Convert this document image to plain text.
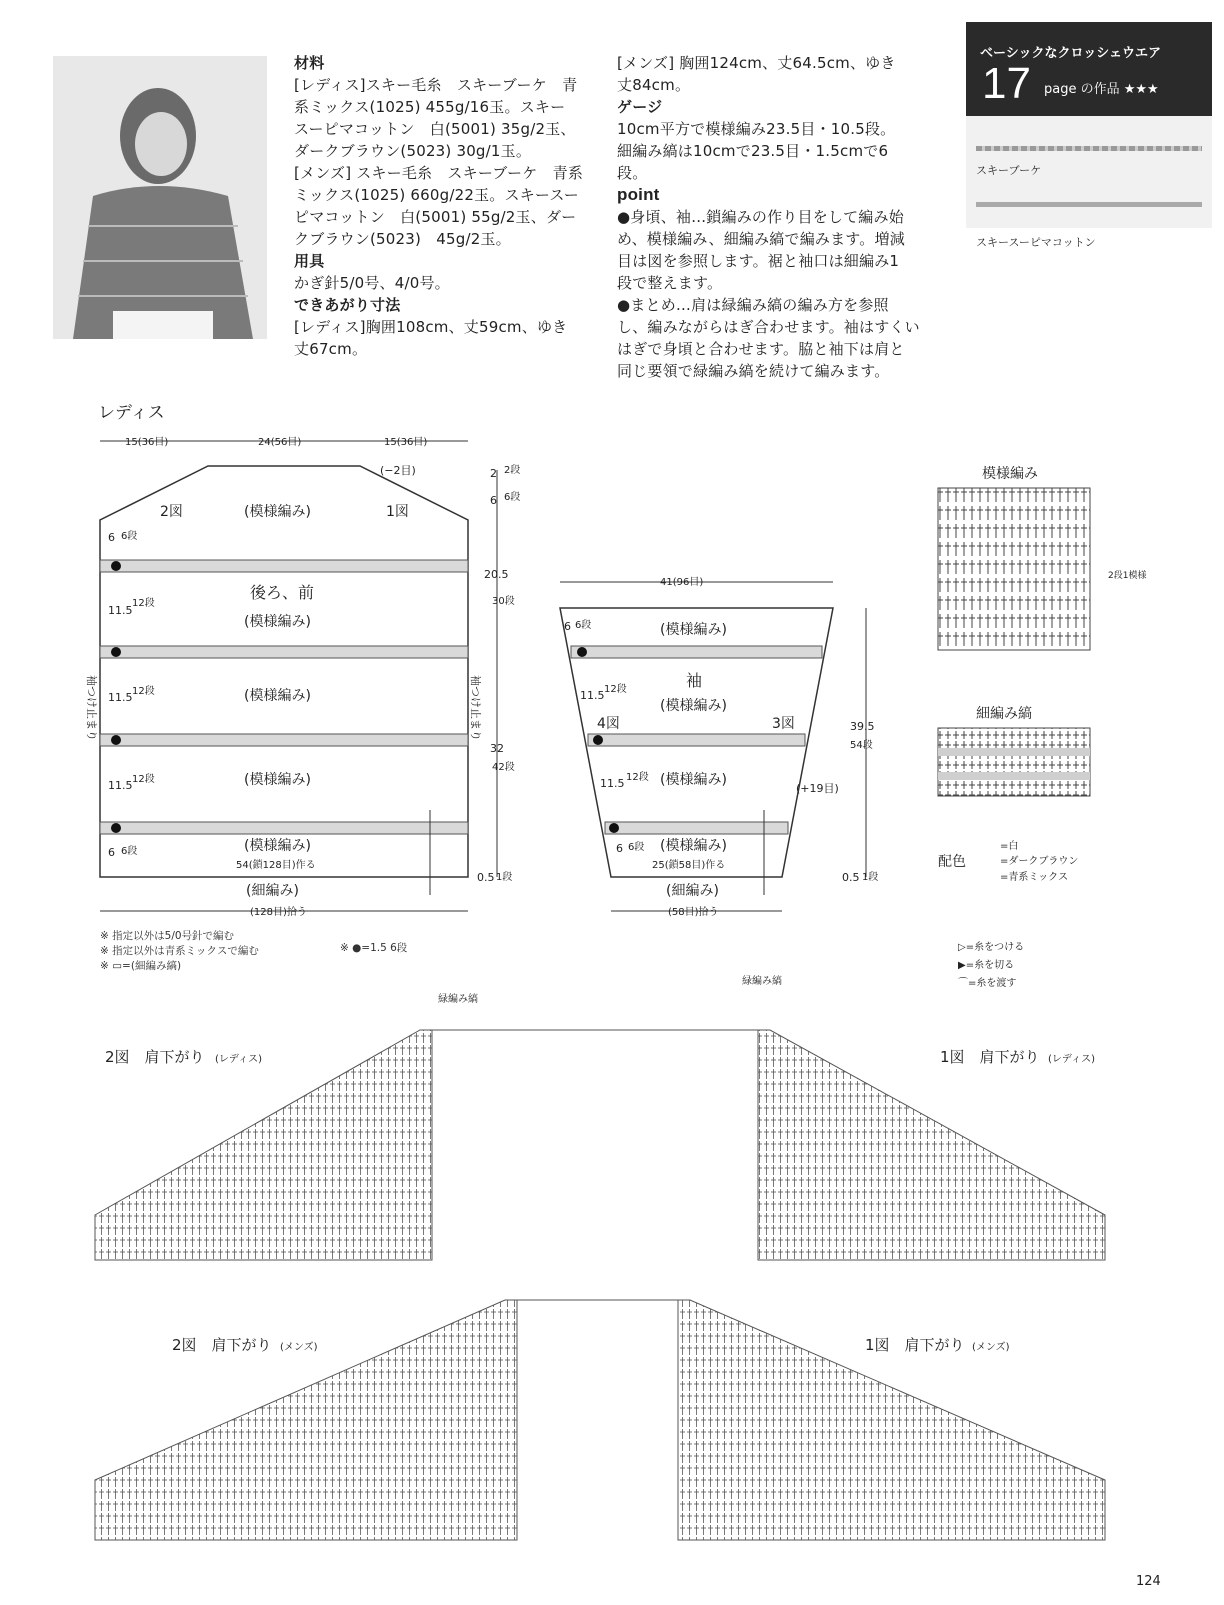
材料
[レディス]スキー毛糸　スキーブーケ　青
系ミックス(1025) 455g/16玉。スキー
スーピマコットン　白(5001) 35g/2玉、
ダークブラウン(5023) 30g/1玉。
[メンズ] スキー毛糸　スキーブーケ　青系
ミックス(1025) 660g/22玉。スキースー
ピマコットン　白(5001) 55g/2玉、ダー
クブラウン(5023)　45g/2玉。
用具
かぎ針5/0号、4/0号。
できあがり寸法
[レディス]胸囲108cm、丈59cm、ゆき
丈67cm。
[メンズ] 胸囲124cm、丈64.5cm、ゆき
丈84cm。
ゲージ
10cm平方で模様編み23.5目・10.5段。
細編み縞は10cmで23.5目・1.5cmで6
段。
point
●身頃、袖…鎖編みの作り目をして編み始
め、模様編み、細編み縞で編みます。増減
目は図を参照します。裾と袖口は細編み1
段で整えます。
●まとめ…肩は緑編み縞の編み方を参照
し、編みながらはぎ合わせます。袖はすくい
はぎで身頃と合わせます。脇と袖下は肩と
同じ要領で緑編み縞を続けて編みます。
ベーシックなクロッシェウエア
17 page の作品 ★★★
スキーブーケ
スキースーピマコットン
レディス
15(36目)	24(56目)	15(36目)
(−2目)
2図	1図
(模様編み)
後ろ、前
(模様編み)
(模様編み)
(模様編み)
(模様編み)
54(鎖128目)作る
(細編み)
(128目)拾う
41(96目)
(模様編み)
袖
(模様編み)
4図	3図
(模様編み)
(+19目)
(模様編み)
25(鎖58目)作る
(細編み)
(58目)拾う
20.5
32
39.5
0.5	0.5
11.5
11.5
11.5
6
6
11.5
11.5
6
6
2
6
30段
42段
54段
12段
12段
12段
6段
6段
12段
12段
6段
6段
2段
6段
1段	1段
袖つけ止まり	袖つけ止まり
模様編み
2段1模様
細編み縞
配色
=白
=ダークブラウン
=青系ミックス
▷=糸をつける
▶=糸を切る
⌒=糸を渡す
2図　肩下がり (レディス)	1図　肩下がり (レディス)
2図　肩下がり (メンズ)	1図　肩下がり (メンズ)
緑編み縞
緑編み縞
※ 指定以外は5/0号針で編む
※ 指定以外は青系ミックスで編む
※ ▭=(細編み縞)
※ ●=1.5 6段
124
